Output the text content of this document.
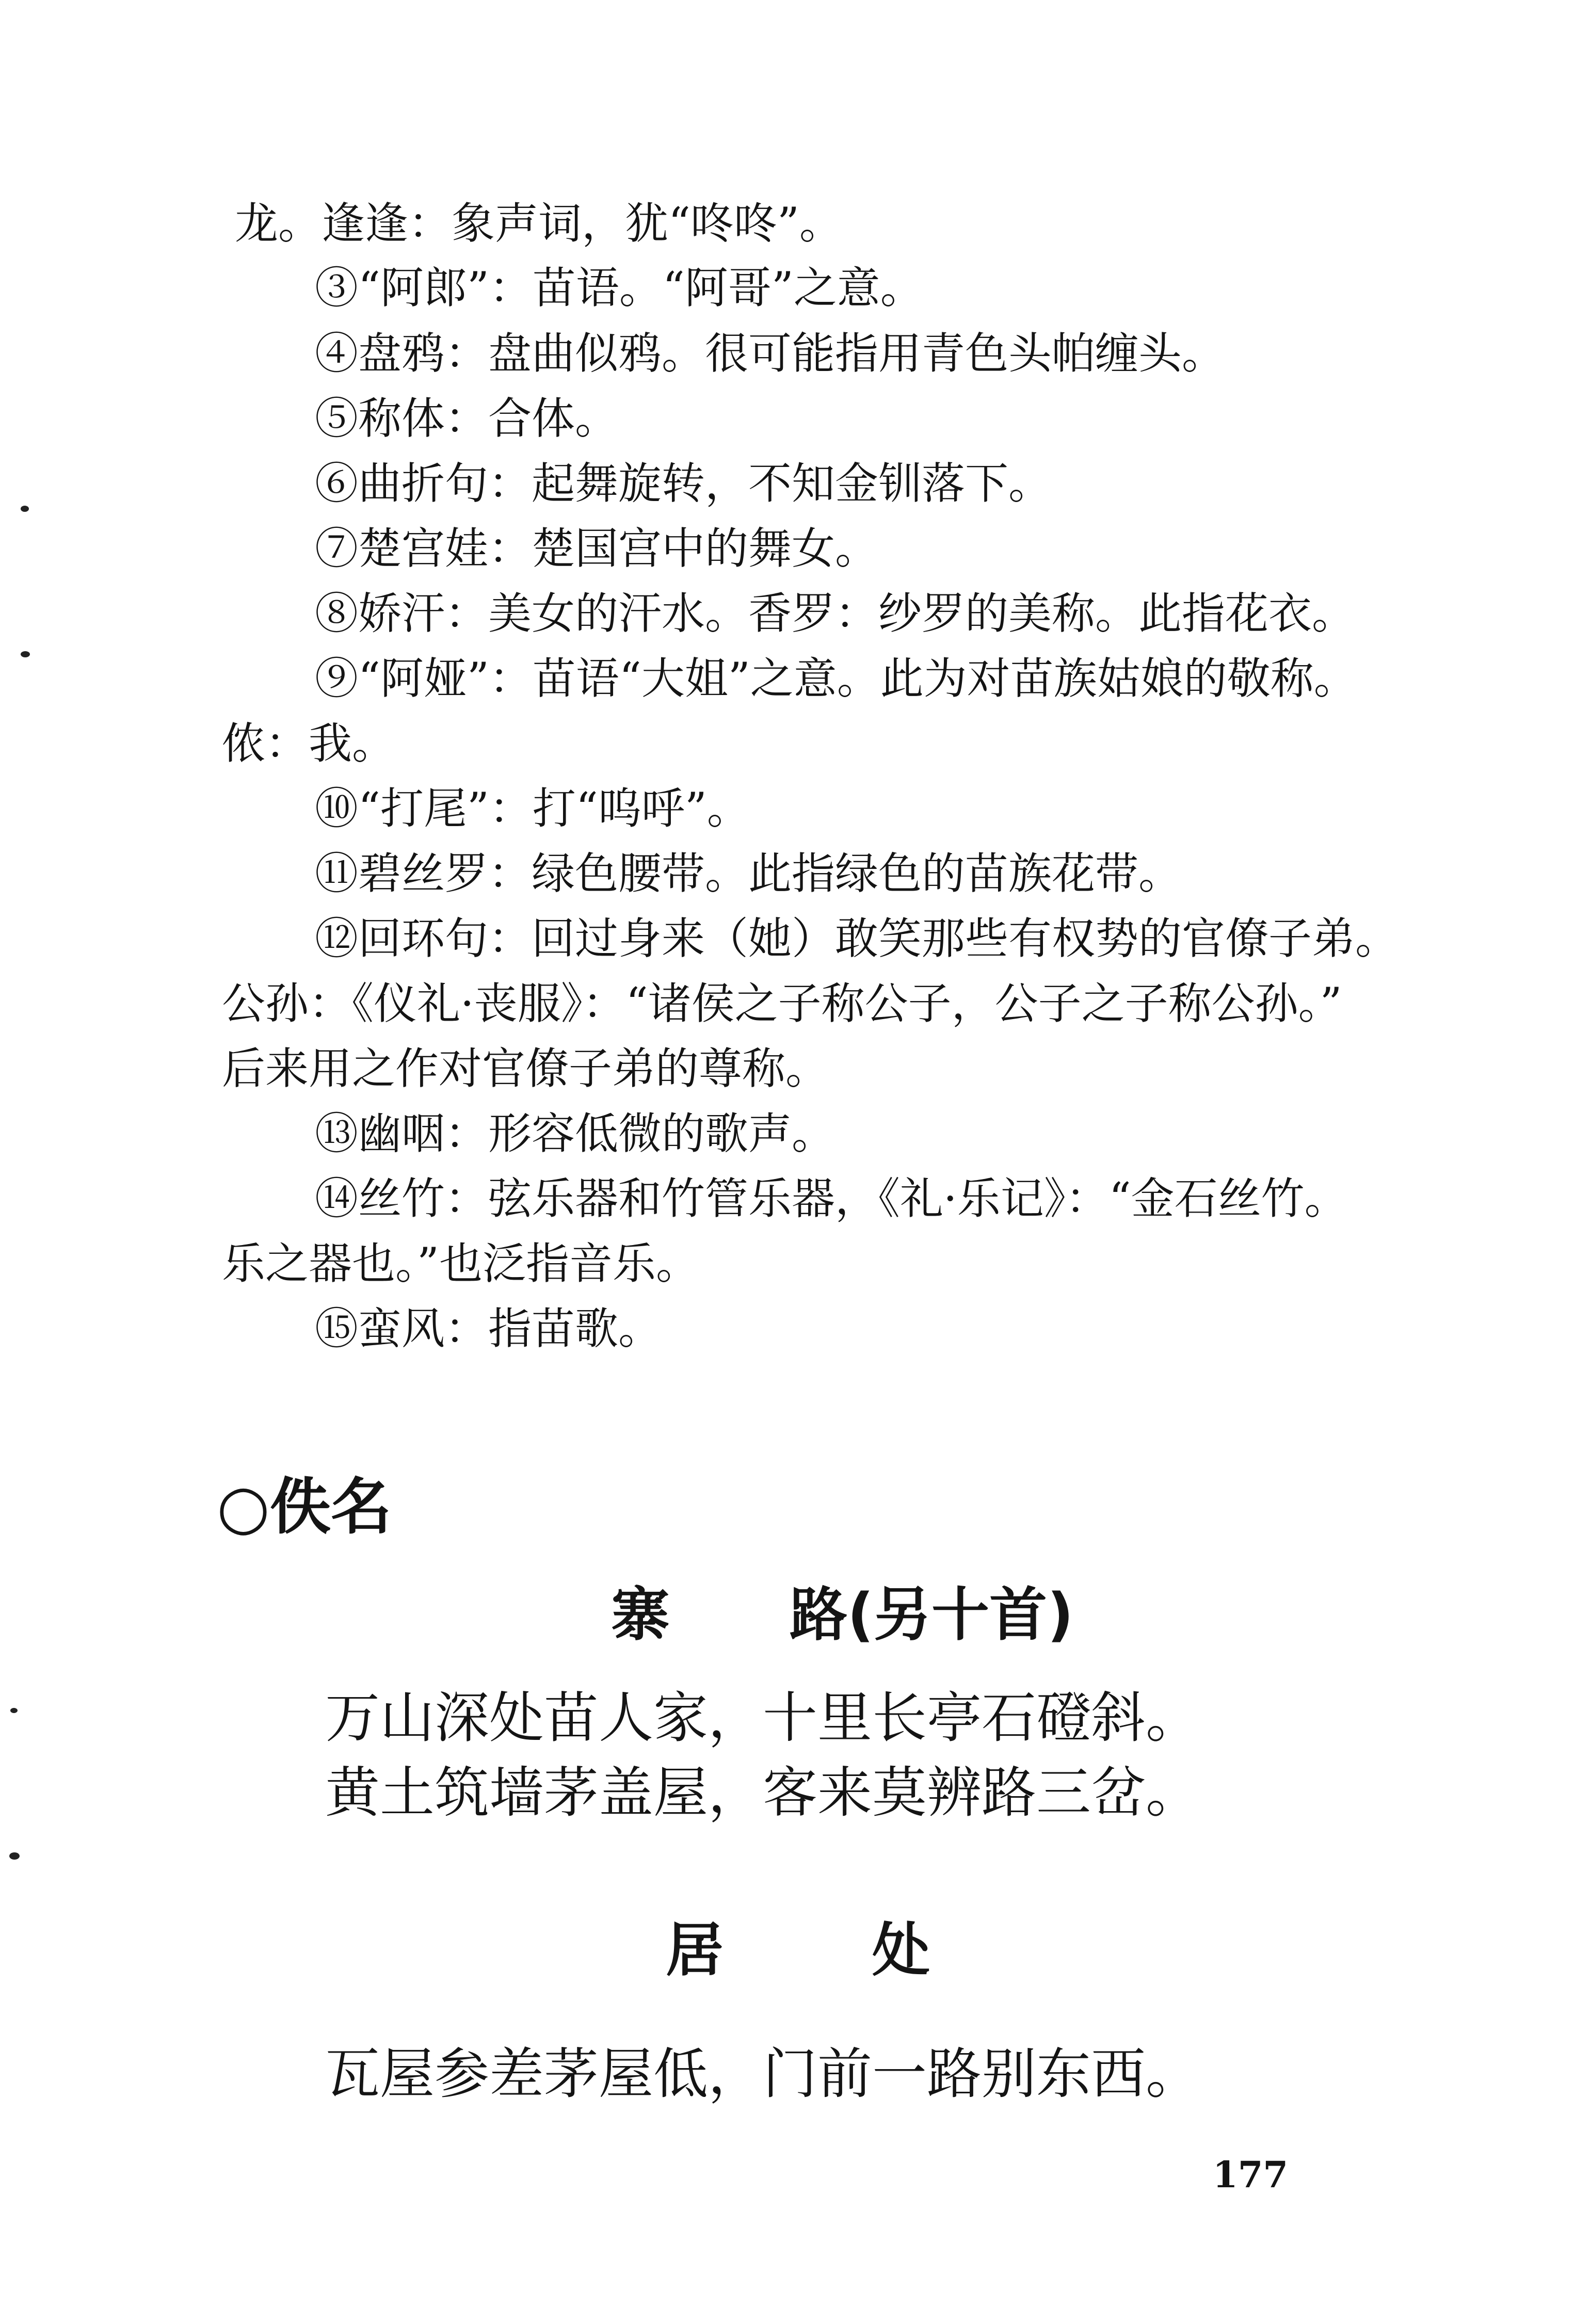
龙。逢逢：象声词，犹“咚咚”。
③“阿郎”：苗语。“阿哥”之意。
④盘鸦：盘曲似鸦。很可能指用青色头帕缠头。
⑤称体：合体。
⑥曲折句：起舞旋转，不知金钏落下。
⑦楚宫娃：楚国宫中的舞女。
⑧娇汗：美女的汗水。香罗：纱罗的美称。此指花衣。
⑨“阿娅”：苗语“大姐”之意。此为对苗族姑娘的敬称。
侬：我。
⑩“打尾”：打“呜呼”。
⑪碧丝罗：绿色腰带。此指绿色的苗族花带。
⑫回环句：回过身来（她）敢笑那些有权势的官僚子弟。
公孙：《仪礼·丧服》：“诸侯之子称公子，公子之子称公孙。”
后来用之作对官僚子弟的尊称。
⑬幽咽：形容低微的歌声。
⑭丝竹：弦乐器和竹管乐器，《礼·乐记》：“金石丝竹。
乐之器也。”也泛指音乐。
⑮蛮风：指苗歌。
○佚名
寨 路(另十首)
万山深处苗人家，十里长亭石磴斜。
黄土筑墙茅盖屋，客来莫辨路三岔。
居	处
瓦屋参差茅屋低，门前一路别东西。
177
